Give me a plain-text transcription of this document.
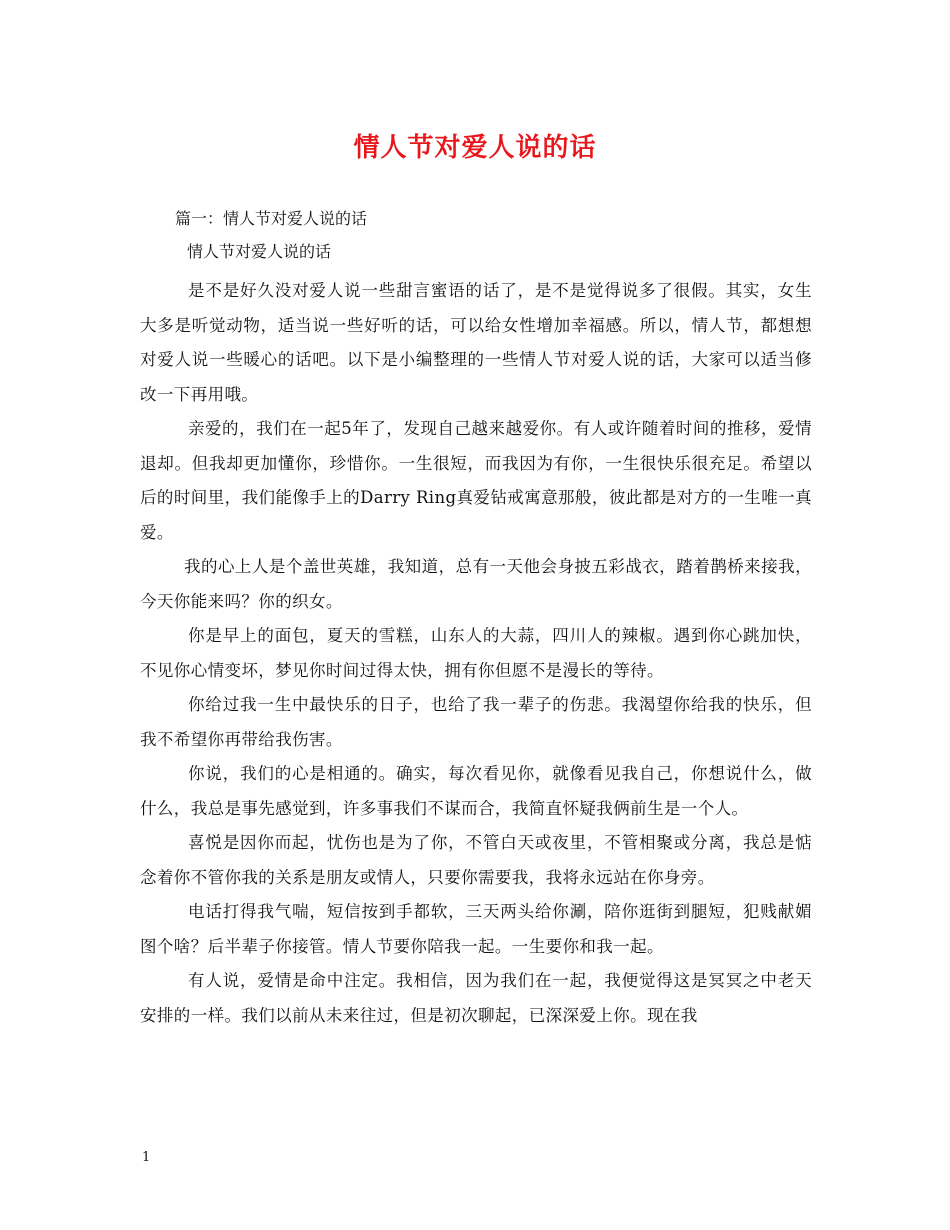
情人节对爱人说的话
篇一：情人节对爱人说的话
情人节对爱人说的话

是不是好久没对爱人说一些甜言蜜语的话了，是不是觉得说多了很假。其实，女生大多是听觉动物，适当说一些好听的话，可以给女性增加幸福感。所以，情人节，都想想对爱人说一些暖心的话吧。以下是小编整理的一些情人节对爱人说的话，大家可以适当修改一下再用哦。

亲爱的，我们在一起5年了，发现自己越来越爱你。有人或许随着时间的推移，爱情退却。但我却更加懂你，珍惜你。一生很短，而我因为有你，一生很快乐很充足。希望以后的时间里，我们能像手上的Darry Ring真爱钻戒寓意那般，彼此都是对方的一生唯一真爱。

我的心上人是个盖世英雄，我知道，总有一天他会身披五彩战衣，踏着鹊桥来接我，今天你能来吗？你的织女。

你是早上的面包，夏天的雪糕，山东人的大蒜，四川人的辣椒。遇到你心跳加快，不见你心情变坏，梦见你时间过得太快，拥有你但愿不是漫长的等待。

你给过我一生中最快乐的日子，也给了我一辈子的伤悲。我渴望你给我的快乐，但我不希望你再带给我伤害。

你说，我们的心是相通的。确实，每次看见你，就像看见我自己，你想说什么，做什么，我总是事先感觉到，许多事我们不谋而合，我简直怀疑我俩前生是一个人。

喜悦是因你而起，忧伤也是为了你，不管白天或夜里，不管相聚或分离，我总是惦念着你不管你我的关系是朋友或情人，只要你需要我，我将永远站在你身旁。

电话打得我气喘，短信按到手都软，三天两头给你涮，陪你逛街到腿短，犯贱献媚图个啥？后半辈子你接管。情人节要你陪我一起。一生要你和我一起。

有人说，爱情是命中注定。我相信，因为我们在一起，我便觉得这是冥冥之中老天安排的一样。我们以前从未来往过，但是初次聊起，已深深爱上你。现在我

1
